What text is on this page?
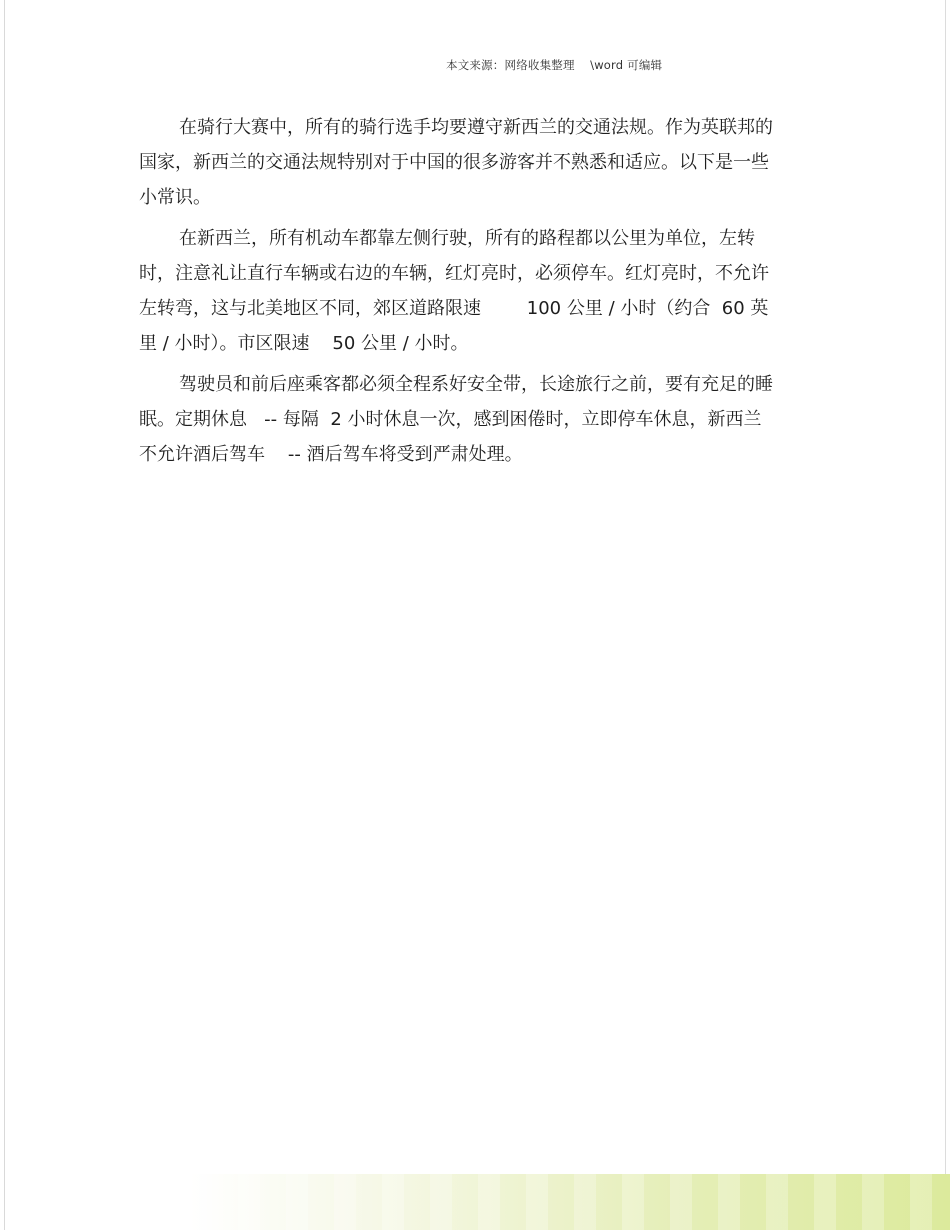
本文来源：网络收集整理    \word 可编辑

在骑行大赛中，所有的骑行选手均要遵守新西兰的交通法规。作为英联邦的国家，新西兰的交通法规特别对于中国的很多游客并不熟悉和适应。以下是一些小常识。

在新西兰，所有机动车都靠左侧行驶，所有的路程都以公里为单位，左转时，注意礼让直行车辆或右边的车辆，红灯亮时，必须停车。红灯亮时，不允许左转弯，这与北美地区不同，郊区道路限速        100 公里 / 小时（约合  60 英里 / 小时）。市区限速    50 公里 / 小时。

驾驶员和前后座乘客都必须全程系好安全带，长途旅行之前，要有充足的睡眠。定期休息   -- 每隔  2 小时休息一次，感到困倦时，立即停车休息，新西兰不允许酒后驾车    -- 酒后驾车将受到严肃处理。
